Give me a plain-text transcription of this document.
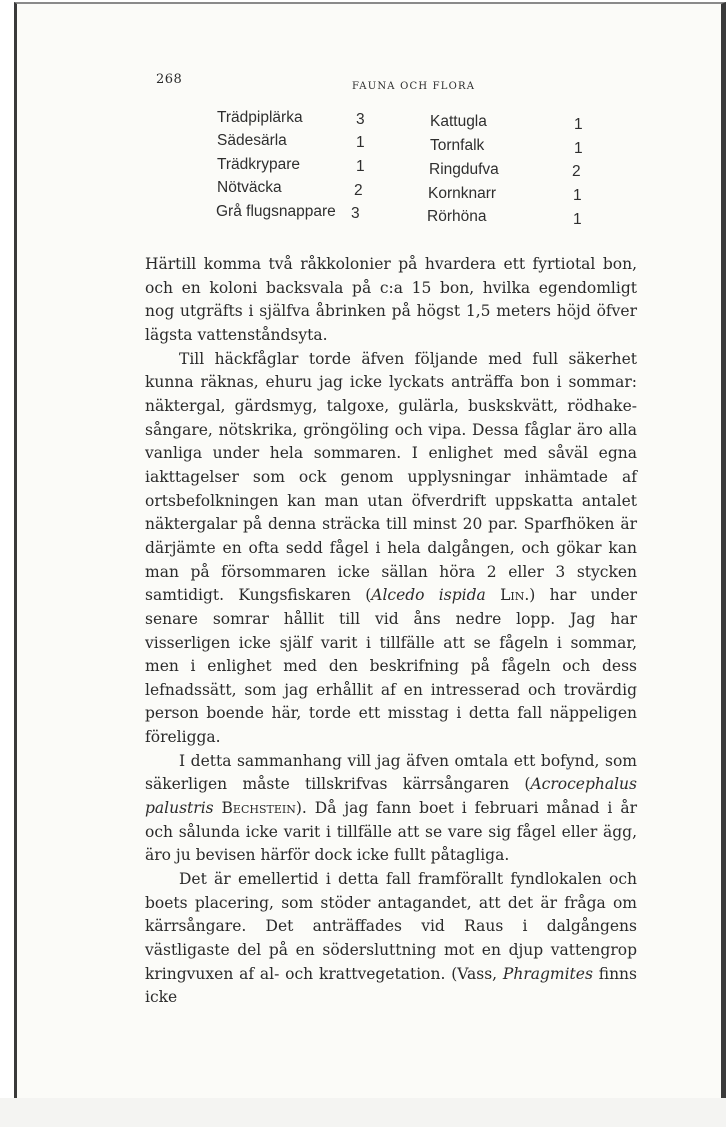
268	FAUNA OCH FLORA
Trädpiplärka	3
Sädesärla	1
Trädkrypare	1
Nötväcka	2
Grå flugsnappare 3
Kattugla	1
Tornfalk	1
Ringdufva	2
Kornknarr	1
Rörhöna	1

Härtill komma två råkkolonier på hvardera ett fyrtiotal bon, och en koloni backsvala på c:a 15 bon, hvilka egendomligt nog utgräfts i själfva åbrinken på högst 1,5 meters höjd öfver lägsta vattenståndsyta.

Till häckfåglar torde äfven följande med full säkerhet kunna räknas, ehuru jag icke lyckats anträffa bon i sommar: näktergal, gärdsmyg, talgoxe, gulärla, buskskvätt, rödhake-sångare, nötskrika, gröngöling och vipa. Dessa fåglar äro alla vanliga under hela sommaren. I enlighet med såväl egna iakttagelser som ock genom upplysningar inhämtade af ortsbefolkningen kan man utan öfverdrift uppskatta antalet näktergalar på denna sträcka till minst 20 par. Sparfhöken är därjämte en ofta sedd fågel i hela dalgången, och gökar kan man på försommaren icke sällan höra 2 eller 3 stycken samtidigt. Kungsfiskaren (Alcedo ispida Lin.) har under senare somrar hållit till vid åns nedre lopp. Jag har visserligen icke själf varit i tillfälle att se fågeln i sommar, men i enlighet med den beskrifning på fågeln och dess lefnadssätt, som jag erhållit af en intresserad och trovärdig person boende här, torde ett misstag i detta fall näppeligen föreligga.

I detta sammanhang vill jag äfven omtala ett bofynd, som säkerligen måste tillskrifvas kärrsångaren (Acrocephalus palustris Bechstein). Då jag fann boet i februari månad i år och sålunda icke varit i tillfälle att se vare sig fågel eller ägg, äro ju bevisen härför dock icke fullt påtagliga.

Det är emellertid i detta fall framförallt fyndlokalen och boets placering, som stöder antagandet, att det är fråga om kärrsångare. Det anträffades vid Raus i dalgångens västligaste del på en södersluttning mot en djup vattengrop kringvuxen af al- och krattvegetation. (Vass, Phragmites finns icke
